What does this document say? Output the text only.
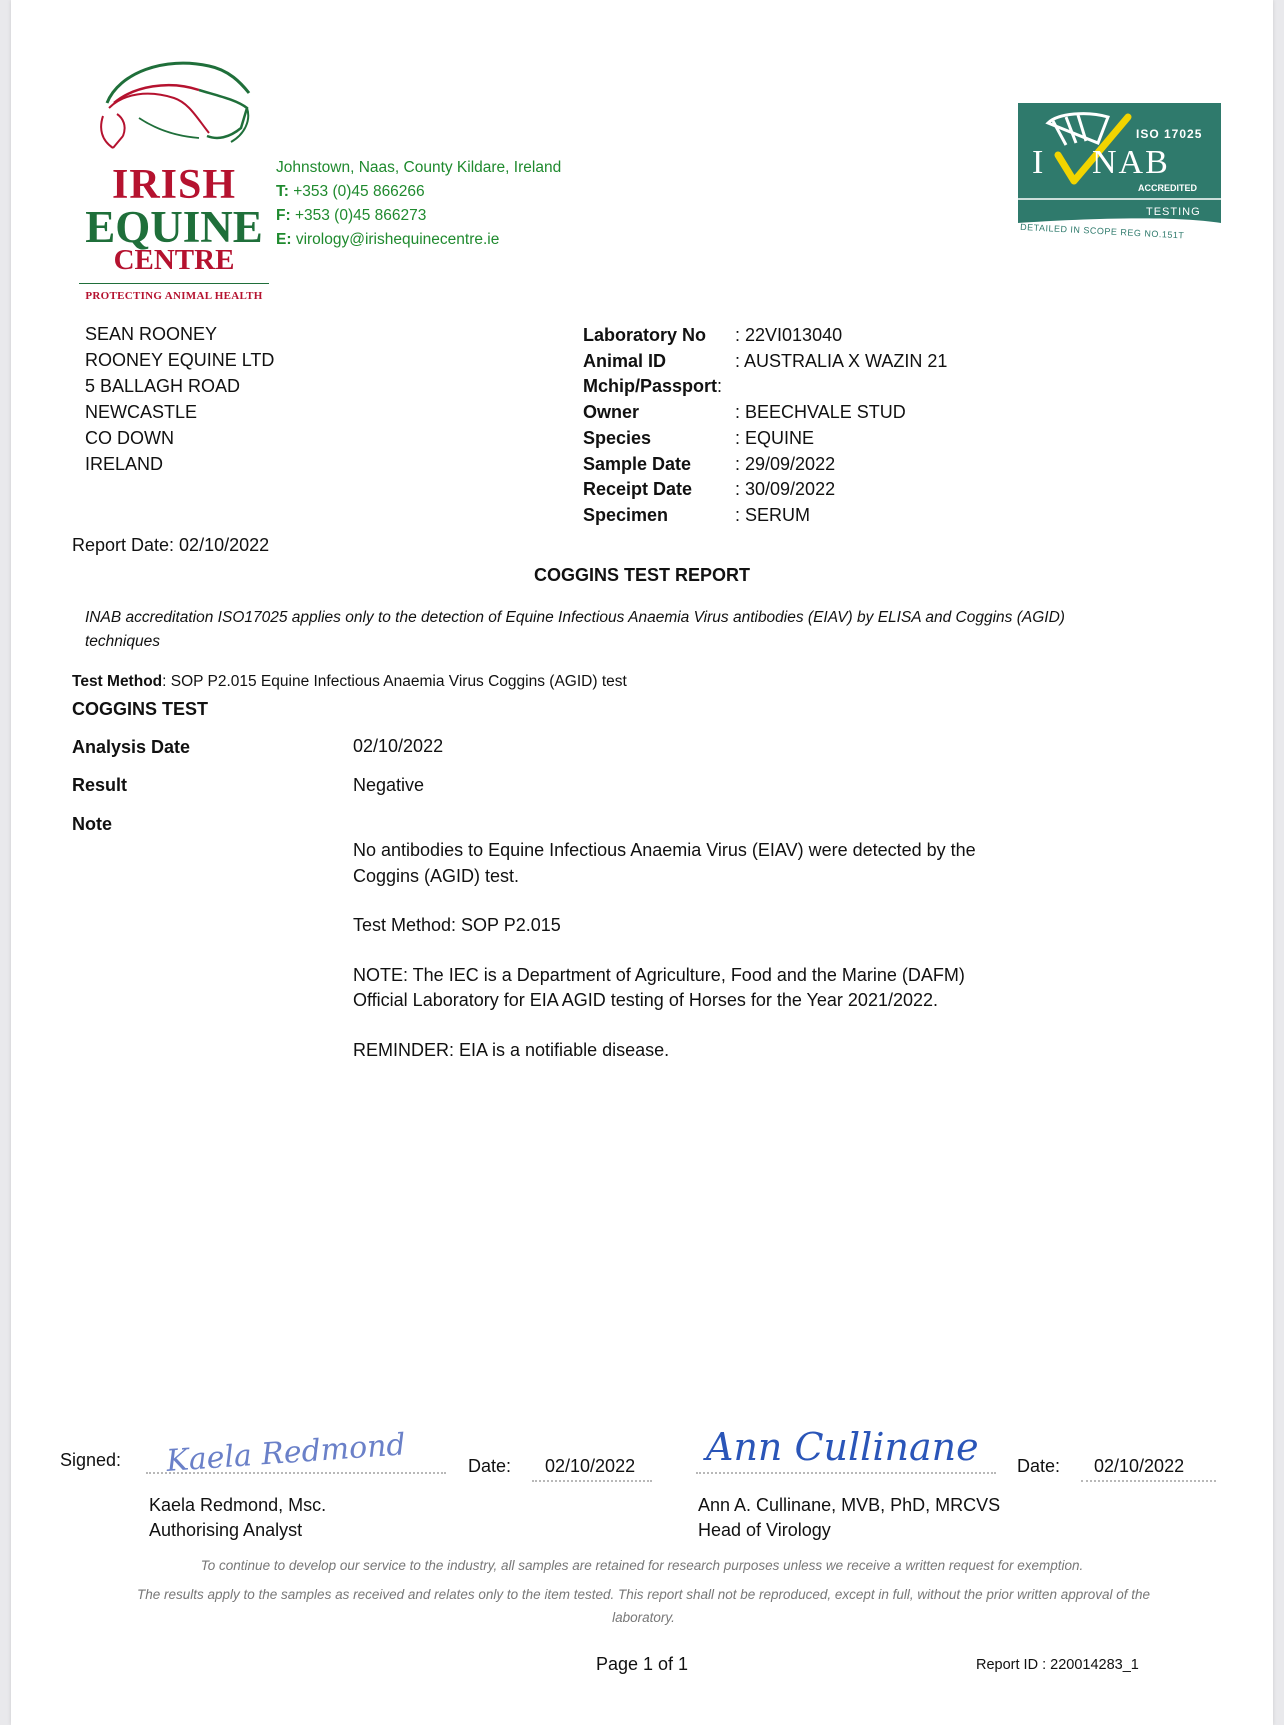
IRISH
EQUINE
CENTRE
PROTECTING ANIMAL HEALTH
Johnstown, Naas, County Kildare, Ireland
T: +353 (0)45 866266
F: +353 (0)45 866273
E: virology@irishequinecentre.ie
I NAB
ISO 17025
ACCREDITED
TESTING
DETAILED IN SCOPE REG NO.151T
SEAN ROONEY
ROONEY EQUINE LTD
5 BALLAGH ROAD
NEWCASTLE
CO DOWN
IRELAND
Laboratory No	: 22VI013040
Animal ID	: AUSTRALIA X WAZIN 21
Mchip/Passport :
Owner	: BEECHVALE STUD
Species	: EQUINE
Sample Date	: 29/09/2022
Receipt Date	: 30/09/2022
Specimen	: SERUM
Report Date: 02/10/2022
COGGINS TEST REPORT
INAB accreditation ISO17025 applies only to the detection of Equine Infectious Anaemia Virus antibodies (EIAV) by ELISA and Coggins (AGID) techniques
Test Method: SOP P2.015 Equine Infectious Anaemia Virus Coggins (AGID) test
COGGINS TEST
Analysis Date	02/10/2022
Result	Negative
Note

No antibodies to Equine Infectious Anaemia Virus (EIAV) were detected by the Coggins (AGID) test.

Test Method: SOP P2.015

NOTE: The IEC is a Department of Agriculture, Food and the Marine (DAFM) Official Laboratory for EIA AGID testing of Horses for the Year 2021/2022.

REMINDER: EIA is a notifiable disease.

Signed: Kaela Redmond	Date: 02/10/2022 Ann Cullinane Date: 02/10/2022
Kaela Redmond, Msc.
Authorising Analyst
Ann A. Cullinane, MVB, PhD, MRCVS
Head of Virology
To continue to develop our service to the industry, all samples are retained for research purposes unless we receive a written request for exemption.
The results apply to the samples as received and relates only to the item tested. This report shall not be reproduced, except in full, without the prior written approval of the laboratory.
Page 1 of 1	Report ID : 220014283_1
